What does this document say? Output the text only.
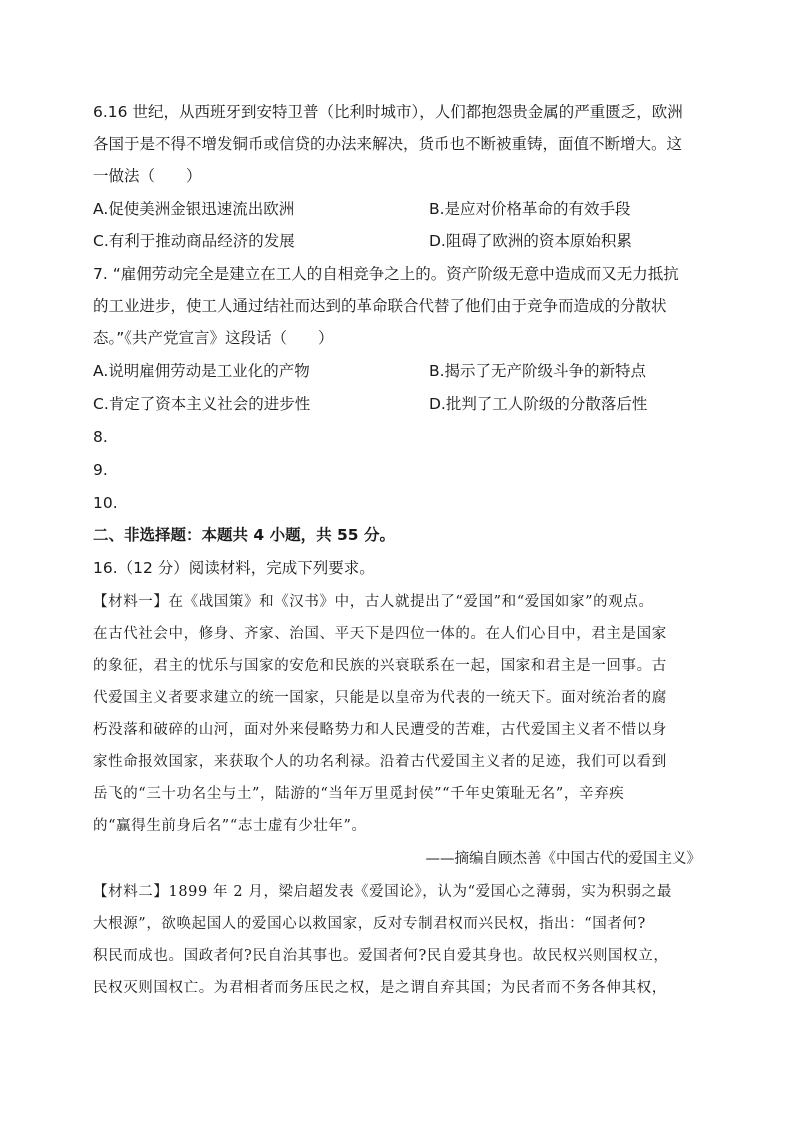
6.16 世纪，从西班牙到安特卫普（比利时城市），人们都抱怨贵金属的严重匮乏，欧洲
各国于是不得不增发铜币或信贷的办法来解决，货币也不断被重铸，面值不断增大。这
一做法（　　）
A.促使美洲金银迅速流出欧洲	B.是应对价格革命的有效手段
C.有利于推动商品经济的发展	D.阻碍了欧洲的资本原始积累
7. “雇佣劳动完全是建立在工人的自相竞争之上的。资产阶级无意中造成而又无力抵抗
的工业进步，使工人通过结社而达到的革命联合代替了他们由于竞争而造成的分散状
态。”《共产党宣言》这段话（　　）
A.说明雇佣劳动是工业化的产物	B.揭示了无产阶级斗争的新特点
C.肯定了资本主义社会的进步性	D.批判了工人阶级的分散落后性
8.
9.
10.
二、非选择题：本题共 4 小题，共 55 分。
16.（12 分）阅读材料，完成下列要求。
【材料一】在《战国策》和《汉书》中，古人就提出了“爱国”和“爱国如家”的观点。
在古代社会中，修身、齐家、治国、平天下是四位一体的。在人们心目中，君主是国家
的象征，君主的忧乐与国家的安危和民族的兴衰联系在一起，国家和君主是一回事。古
代爱国主义者要求建立的统一国家，只能是以皇帝为代表的一统天下。面对统治者的腐
朽没落和破碎的山河，面对外来侵略势力和人民遭受的苦难，古代爱国主义者不惜以身
家性命报效国家，来获取个人的功名利禄。沿着古代爱国主义者的足迹，我们可以看到
岳飞的“三十功名尘与土”，陆游的“当年万里觅封侯”“千年史策耻无名”，辛弃疾
的“赢得生前身后名”“志士虚有少壮年”。
——摘编自顾杰善《中国古代的爱国主义》
【材料二】1899 年 2 月，梁启超发表《爱国论》，认为“爱国心之薄弱，实为积弱之最
大根源”，欲唤起国人的爱国心以救国家，反对专制君权而兴民权，指出：“国者何?
积民而成也。国政者何?民自治其事也。爱国者何?民自爱其身也。故民权兴则国权立，
民权灭则国权亡。为君相者而务压民之权，是之谓自弃其国；为民者而不务各伸其权，
